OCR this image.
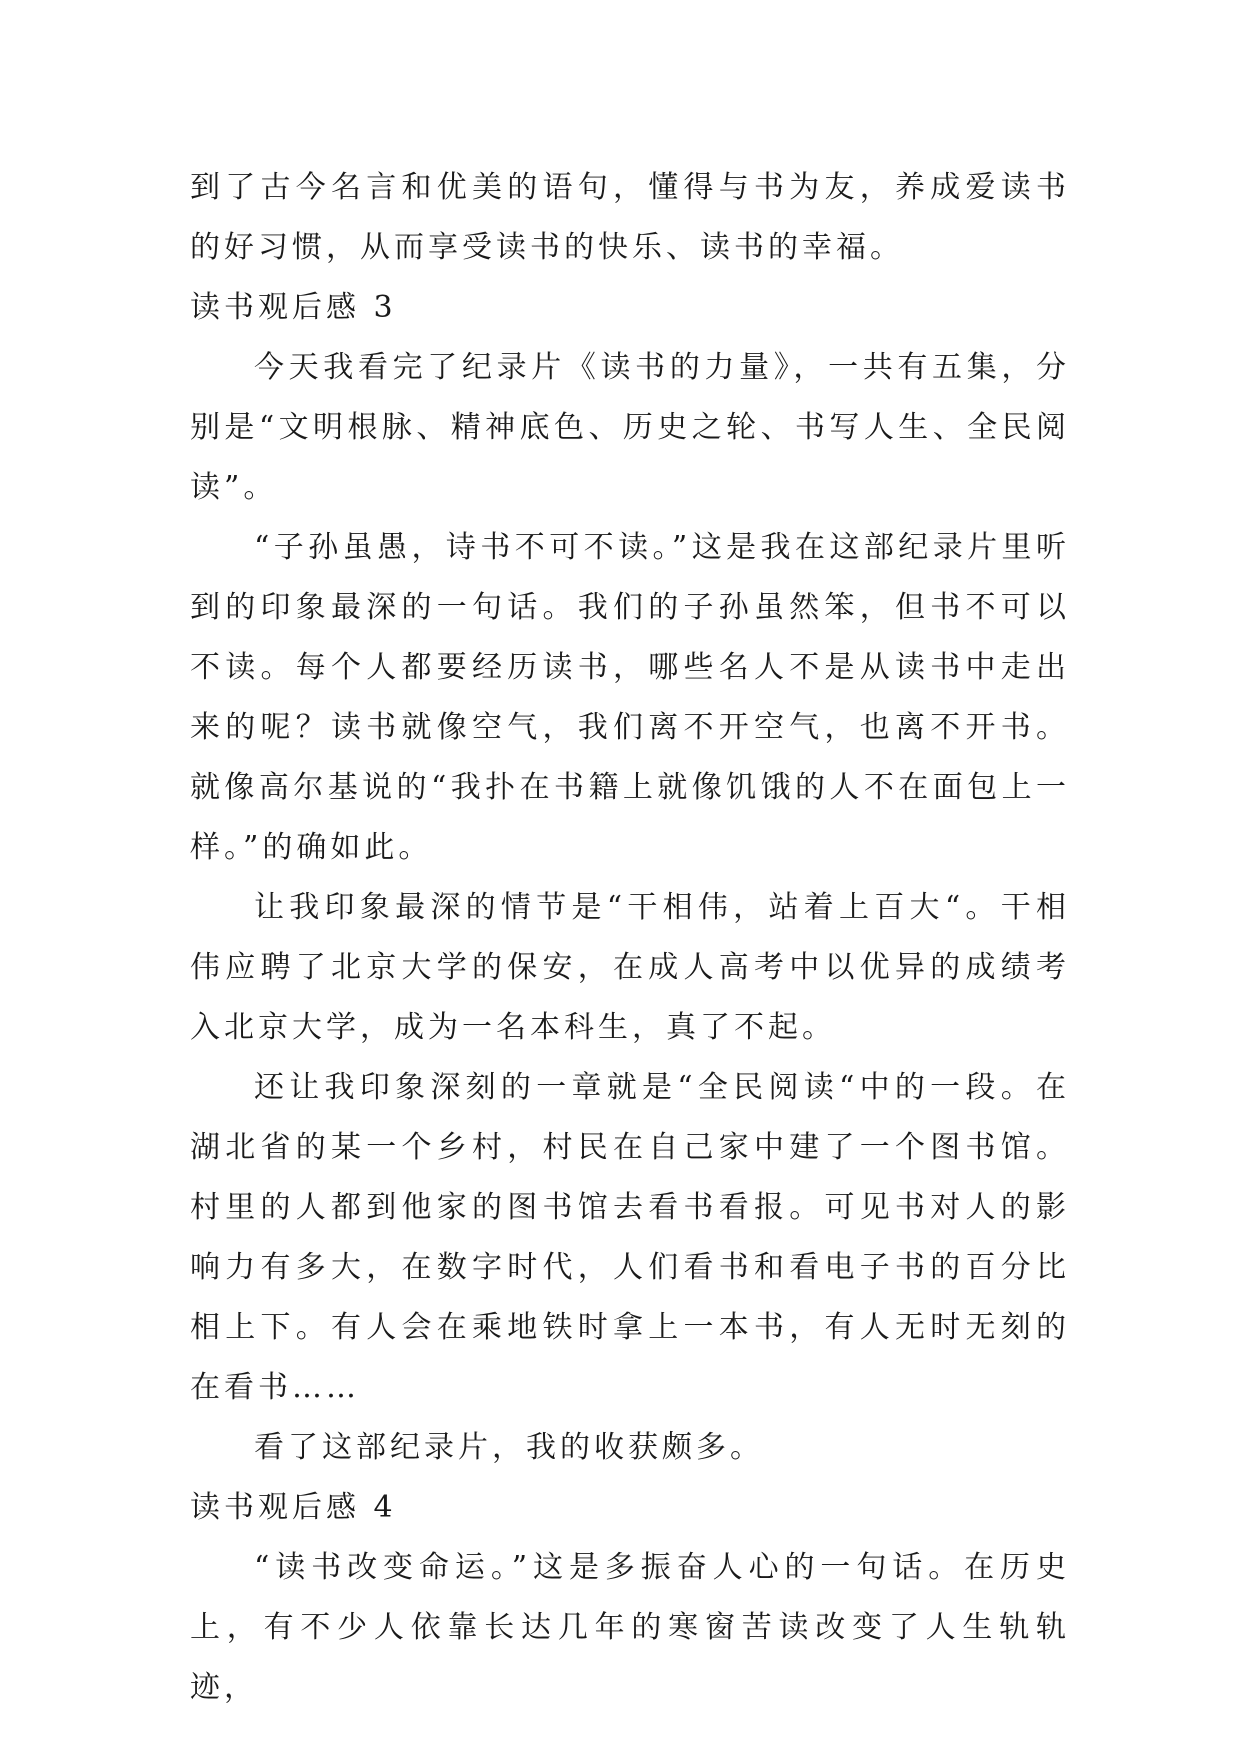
到了古今名言和优美的语句，懂得与书为友，养成爱读书的好习惯，从而享受读书的快乐、读书的幸福。

读书观后感 3

今天我看完了纪录片《读书的力量》，一共有五集，分别是“文明根脉、精神底色、历史之轮、书写人生、全民阅读”。

“子孙虽愚，诗书不可不读。”这是我在这部纪录片里听到的印象最深的一句话。我们的子孙虽然笨，但书不可以不读。每个人都要经历读书，哪些名人不是从读书中走出来的呢？读书就像空气，我们离不开空气，也离不开书。就像高尔基说的“我扑在书籍上就像饥饿的人不在面包上一样。”的确如此。

让我印象最深的情节是“干相伟，站着上百大“。干相伟应聘了北京大学的保安，在成人高考中以优异的成绩考入北京大学，成为一名本科生，真了不起。

还让我印象深刻的一章就是“全民阅读“中的一段。在湖北省的某一个乡村，村民在自己家中建了一个图书馆。村里的人都到他家的图书馆去看书看报。可见书对人的影响力有多大，在数字时代，人们看书和看电子书的百分比相上下。有人会在乘地铁时拿上一本书，有人无时无刻的在看书……

看了这部纪录片，我的收获颇多。

读书观后感 4

“读书改变命运。”这是多振奋人心的一句话。在历史上，有不少人依靠长达几年的寒窗苦读改变了人生轨轨迹，
